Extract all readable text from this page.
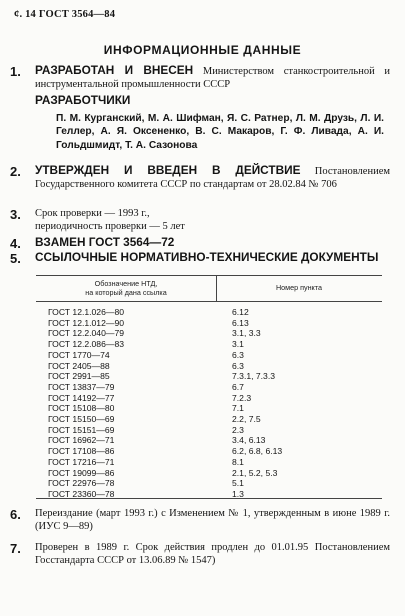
¢. 14 ГОСТ 3564—84
ИНФОРМАЦИОННЫЕ ДАННЫЕ
1. РАЗРАБОТАН И ВНЕСЕН Министерством станкостроительной и инструментальной промышленности СССР
РАЗРАБОТЧИКИ
П. М. Курганский, М. А. Шифман, Я. С. Ратнер, Л. М. Друзь, Л. И. Геллер, А. Я. Оксененко, В. С. Макаров, Г. Ф. Ливада, А. И. Гольдшмидт, Т. А. Сазонова
2. УТВЕРЖДЕН И ВВЕДЕН В ДЕЙСТВИЕ Постановлением Государственного комитета СССР по стандартам от 28.02.84 № 706
3. Срок проверки — 1993 г., периодичность проверки — 5 лет
4. ВЗАМЕН ГОСТ 3564—72
5. ССЫЛОЧНЫЕ НОРМАТИВНО-ТЕХНИЧЕСКИЕ ДОКУМЕНТЫ
Обозначение НТД,
на который дана ссылка
Номер пункта
ГОСТ 12.1.026—80	6.12
ГОСТ 12.1.012—90	6.13
ГОСТ 12.2.040—79	3.1, 3.3
ГОСТ 12.2.086—83	3.1
ГОСТ 1770—74	6.3
ГОСТ 2405—88	6.3
ГОСТ 2991—85	7.3.1, 7.3.3
ГОСТ 13837—79	6.7
ГОСТ 14192—77	7.2.3
ГОСТ 15108—80	7.1
ГОСТ 15150—69	2.2, 7.5
ГОСТ 15151—69	2.3
ГОСТ 16962—71	3.4, 6.13
ГОСТ 17108—86	6.2, 6.8, 6.13
ГОСТ 17216—71	8.1
ГОСТ 19099—86	2.1, 5.2, 5.3
ГОСТ 22976—78	5.1
ГОСТ 23360—78	1.3
6. Переиздание (март 1993 г.) с Изменением № 1, утвержденным в июне 1989 г. (ИУС 9—89)
7. Проверен в 1989 г. Срок действия продлен до 01.01.95 Постановлением Госстандарта СССР от 13.06.89 № 1547)
